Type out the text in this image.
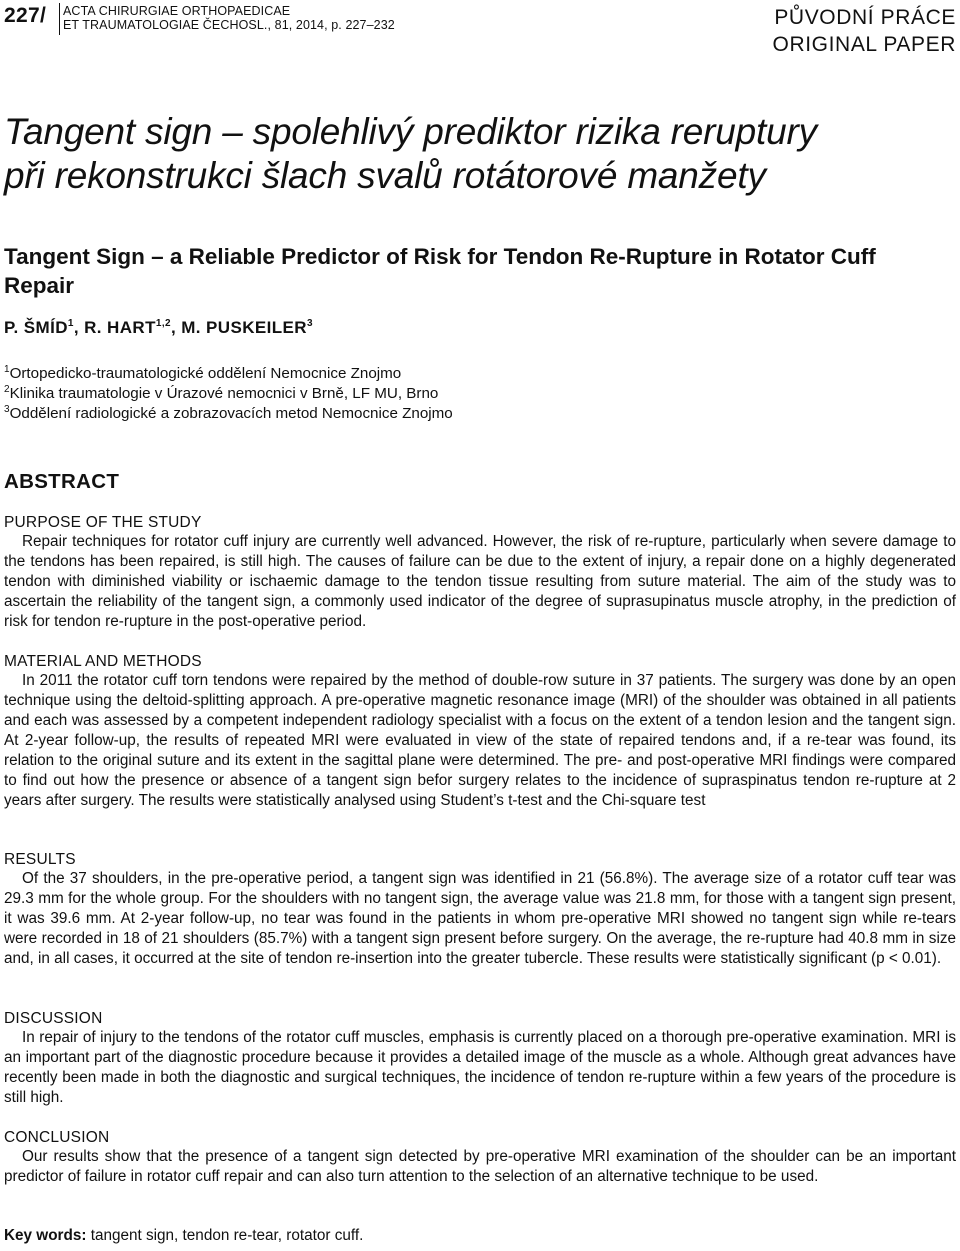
227/ ACTA CHIRURGIAE ORTHOPAEDICAE
ET TRAUMATOLOGIAE ČECHOSL., 81, 2014, p. 227–232	PŮVODNÍ PRÁCE
ORIGINAL PAPER
Tangent sign – spolehlivý prediktor rizika reruptury
při rekonstrukci šlach svalů rotátorové manžety
Tangent Sign – a Reliable Predictor of Risk for Tendon Re-Rupture in Rotator Cuff
Repair
P. ŠMÍD$^1$, R. HART$^{1,2}$, M. PUSKEILER$^3$
$^1$Ortopedicko-traumatologické oddělení Nemocnice Znojmo
$^2$Klinika traumatologie v Úrazové nemocnici v Brně, LF MU, Brno
$^3$Oddělení radiologické a zobrazovacích metod Nemocnice Znojmo
ABSTRACT
PURPOSE OF THE STUDY

Repair techniques for rotator cuff injury are currently well advanced. However, the risk of re-rupture, particularly when severe damage to the tendons has been repaired, is still high. The causes of failure can be due to the extent of injury, a repair done on a highly degenerated tendon with diminished viability or ischaemic damage to the tendon tissue resulting from suture material. The aim of the study was to ascertain the reliability of the tangent sign, a commonly used indicator of the degree of suprasupinatus muscle atrophy, in the prediction of risk for tendon re-rupture in the post-operative period.

MATERIAL AND METHODS

In 2011 the rotator cuff torn tendons were repaired by the method of double-row suture in 37 patients. The surgery was done by an open technique using the deltoid-splitting approach. A pre-operative magnetic resonance image (MRI) of the shoulder was obtained in all patients and each was assessed by a competent independent radiology specialist with a focus on the extent of a tendon lesion and the tangent sign. At 2-year follow-up, the results of repeated MRI were evaluated in view of the state of repaired tendons and, if a re-tear was found, its relation to the original suture and its extent in the sagittal plane were determined. The pre- and post-operative MRI findings were compared to find out how the presence or absence of a tangent sign befor surgery relates to the incidence of supraspinatus tendon re-rupture at 2 years after surgery. The results were statistically analysed using Student’s t-test and the Chi-square test

RESULTS

Of the 37 shoulders, in the pre-operative period, a tangent sign was identified in 21 (56.8%). The average size of a rotator cuff tear was 29.3 mm for the whole group. For the shoulders with no tangent sign, the average value was 21.8 mm, for those with a tangent sign present, it was 39.6 mm. At 2-year follow-up, no tear was found in the patients in whom pre-operative MRI showed no tangent sign while re-tears were recorded in 18 of 21 shoulders (85.7%) with a tangent sign present before surgery. On the average, the re-rupture had 40.8 mm in size and, in all cases, it occurred at the site of tendon re-insertion into the greater tubercle. These results were statistically significant (p < 0.01).

DISCUSSION

In repair of injury to the tendons of the rotator cuff muscles, emphasis is currently placed on a thorough pre-operative examination. MRI is an important part of the diagnostic procedure because it provides a detailed image of the muscle as a whole. Although great advances have recently been made in both the diagnostic and surgical techniques, the incidence of tendon re-rupture within a few years of the procedure is still high.

CONCLUSION

Our results show that the presence of a tangent sign detected by pre-operative MRI examination of the shoulder can be an important predictor of failure in rotator cuff repair and can also turn attention to the selection of an alternative technique to be used.

Key words: tangent sign, tendon re-tear, rotator cuff.
